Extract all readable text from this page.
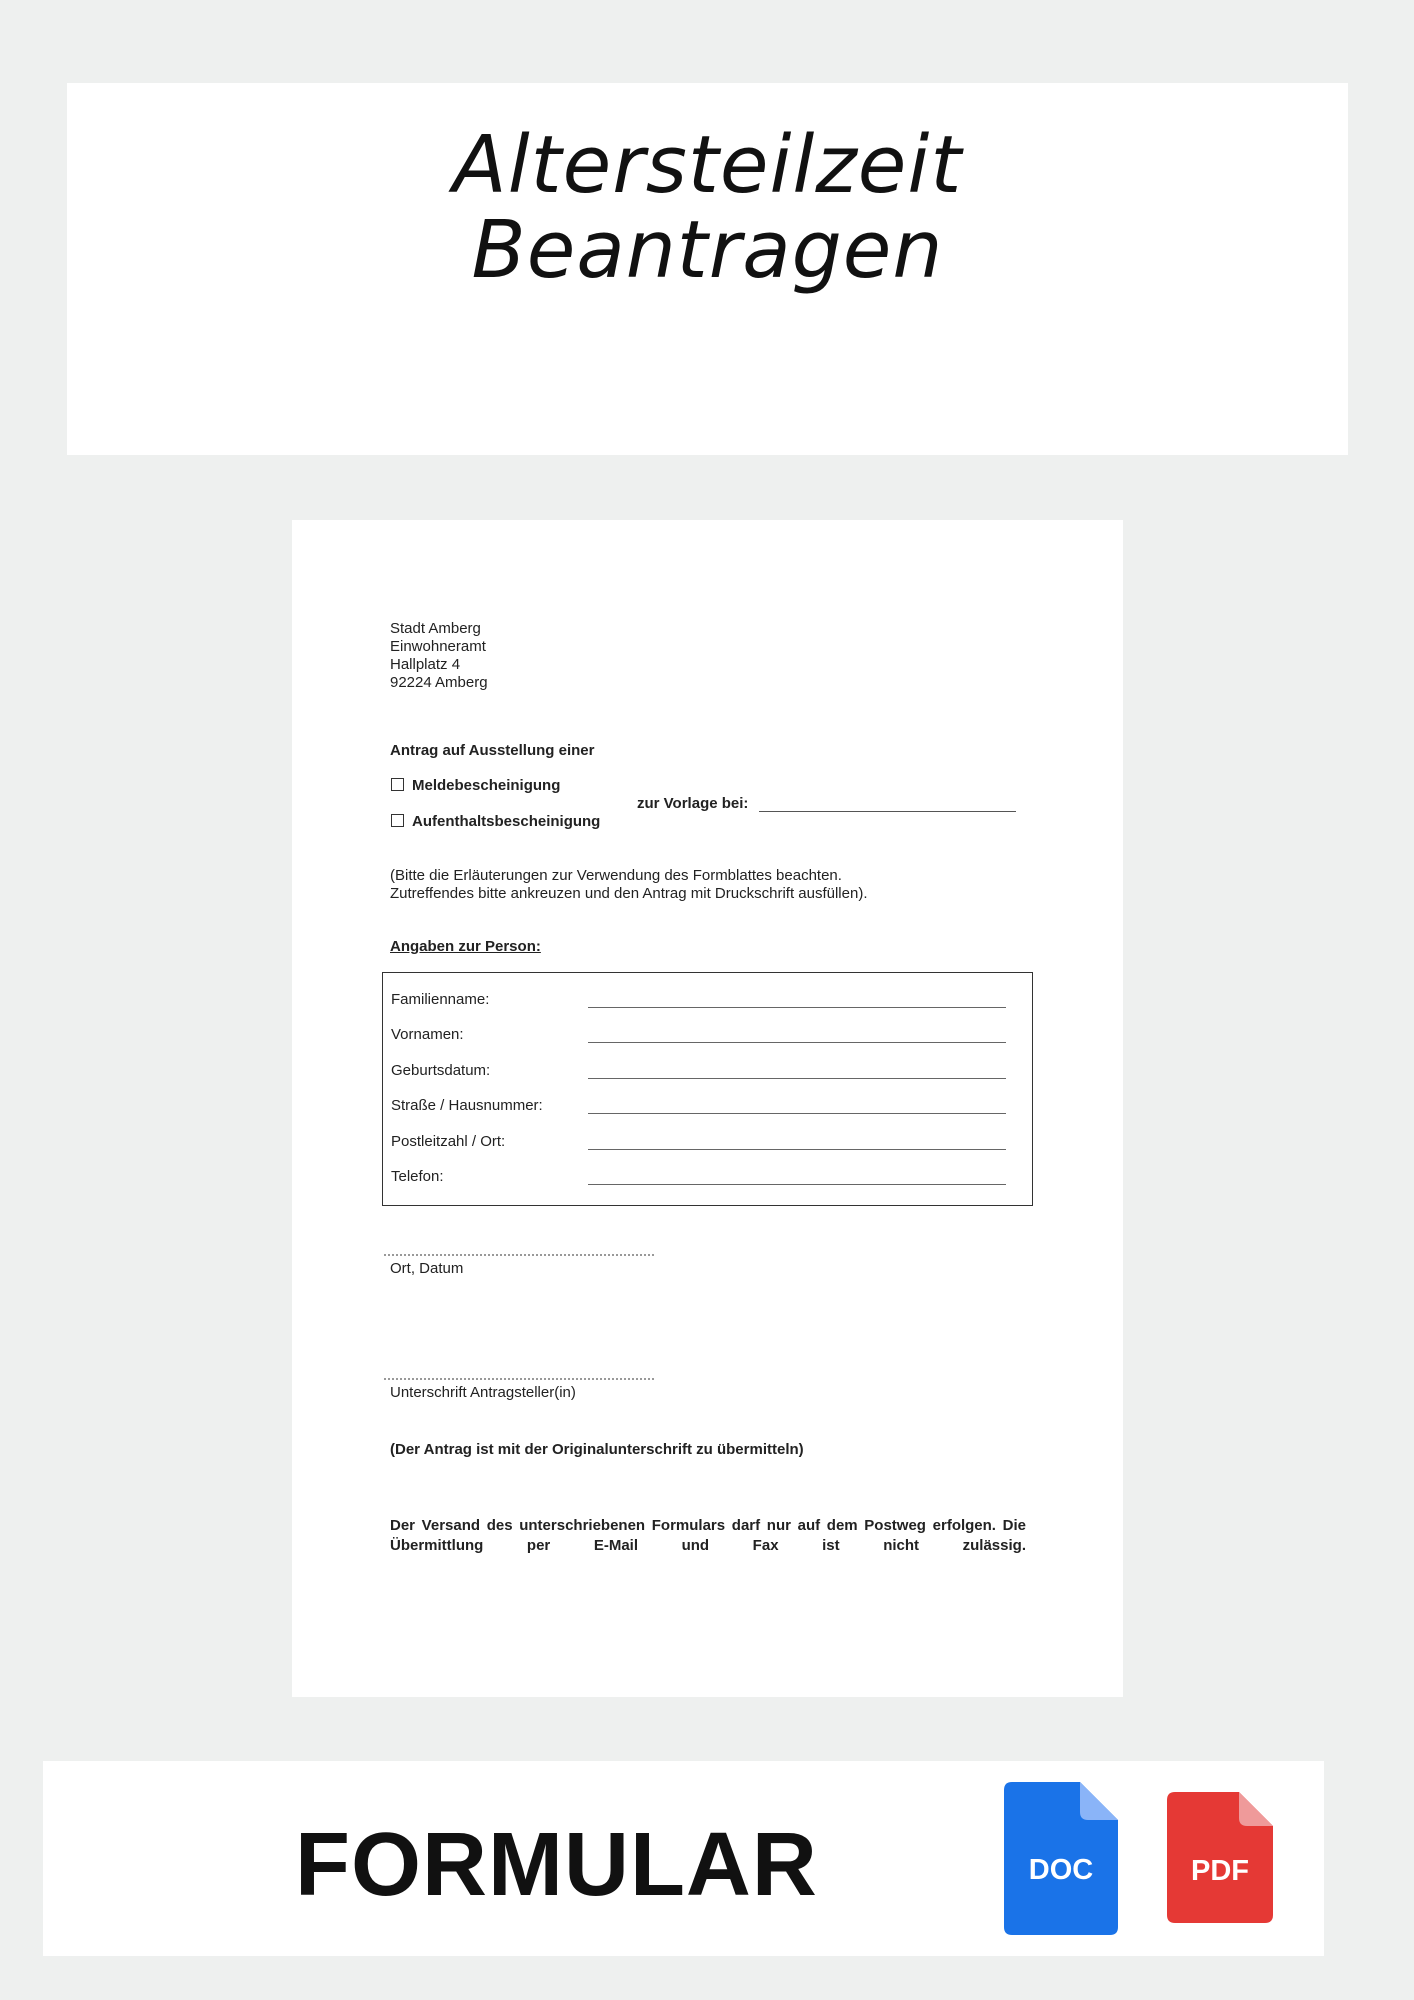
Altersteilzeit
Beantragen
Stadt Amberg
Einwohneramt
Hallplatz 4
92224 Amberg
Antrag auf Ausstellung einer
Meldebescheinigung
Aufenthaltsbescheinigung
zur Vorlage bei:
(Bitte die Erläuterungen zur Verwendung des Formblattes beachten.
Zutreffendes bitte ankreuzen und den Antrag mit Druckschrift ausfüllen).
Angaben zur Person:
Familienname:
Vornamen:
Geburtsdatum:
Straße / Hausnummer:
Postleitzahl / Ort:
Telefon:
Ort, Datum
Unterschrift Antragsteller(in)
(Der Antrag ist mit der Originalunterschrift zu übermitteln)
Der Versand des unterschriebenen Formulars darf nur auf dem Postweg erfolgen. Die Übermittlung per E-Mail und Fax ist nicht zulässig.
FORMULAR	DOC	PDF
